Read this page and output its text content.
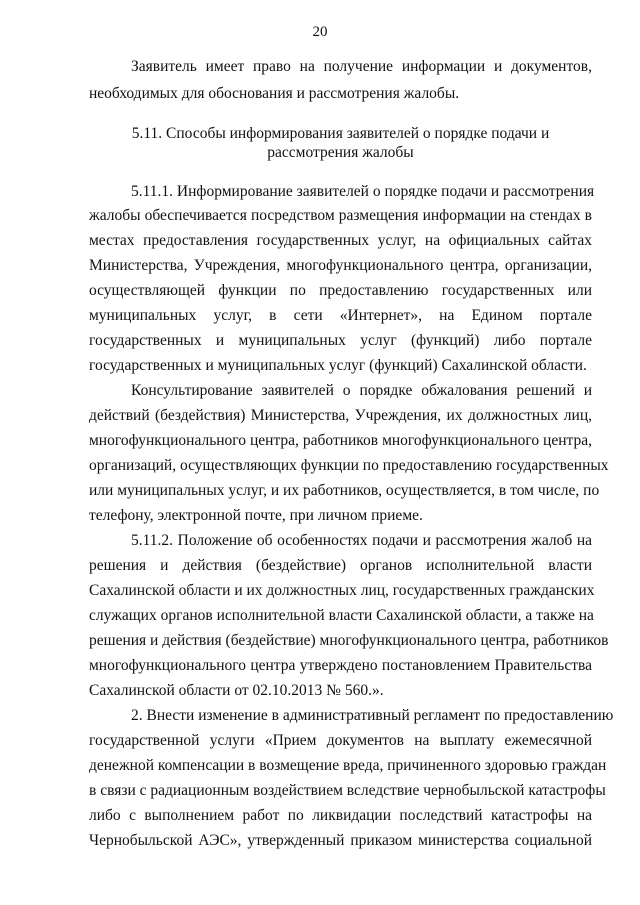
20
Заявитель имеет право на получение информации и документов,
необходимых для обоснования и рассмотрения жалобы.
5.11. Способы информирования заявителей о порядке подачи и
рассмотрения жалобы
5.11.1. Информирование заявителей о порядке подачи и рассмотрения
жалобы обеспечивается посредством размещения информации на стендах в
местах предоставления государственных услуг, на официальных сайтах
Министерства, Учреждения, многофункционального центра, организации,
осуществляющей функции по предоставлению государственных или
муниципальных услуг, в сети «Интернет», на Едином портале
государственных и муниципальных услуг (функций) либо портале
государственных и муниципальных услуг (функций) Сахалинской области.
Консультирование заявителей о порядке обжалования решений и
действий (бездействия) Министерства, Учреждения, их должностных лиц,
многофункционального центра, работников многофункционального центра,
организаций, осуществляющих функции по предоставлению государственных
или муниципальных услуг, и их работников, осуществляется, в том числе, по
телефону, электронной почте, при личном приеме.
5.11.2. Положение об особенностях подачи и рассмотрения жалоб на
решения и действия (бездействие) органов исполнительной власти
Сахалинской области и их должностных лиц, государственных гражданских
служащих органов исполнительной власти Сахалинской области, а также на
решения и действия (бездействие) многофункционального центра, работников
многофункционального центра утверждено постановлением Правительства
Сахалинской области от 02.10.2013 № 560.».
2. Внести изменение в административный регламент по предоставлению
государственной услуги «Прием документов на выплату ежемесячной
денежной компенсации в возмещение вреда, причиненного здоровью граждан
в связи с радиационным воздействием вследствие чернобыльской катастрофы
либо с выполнением работ по ликвидации последствий катастрофы на
Чернобыльской АЭС», утвержденный приказом министерства социальной
